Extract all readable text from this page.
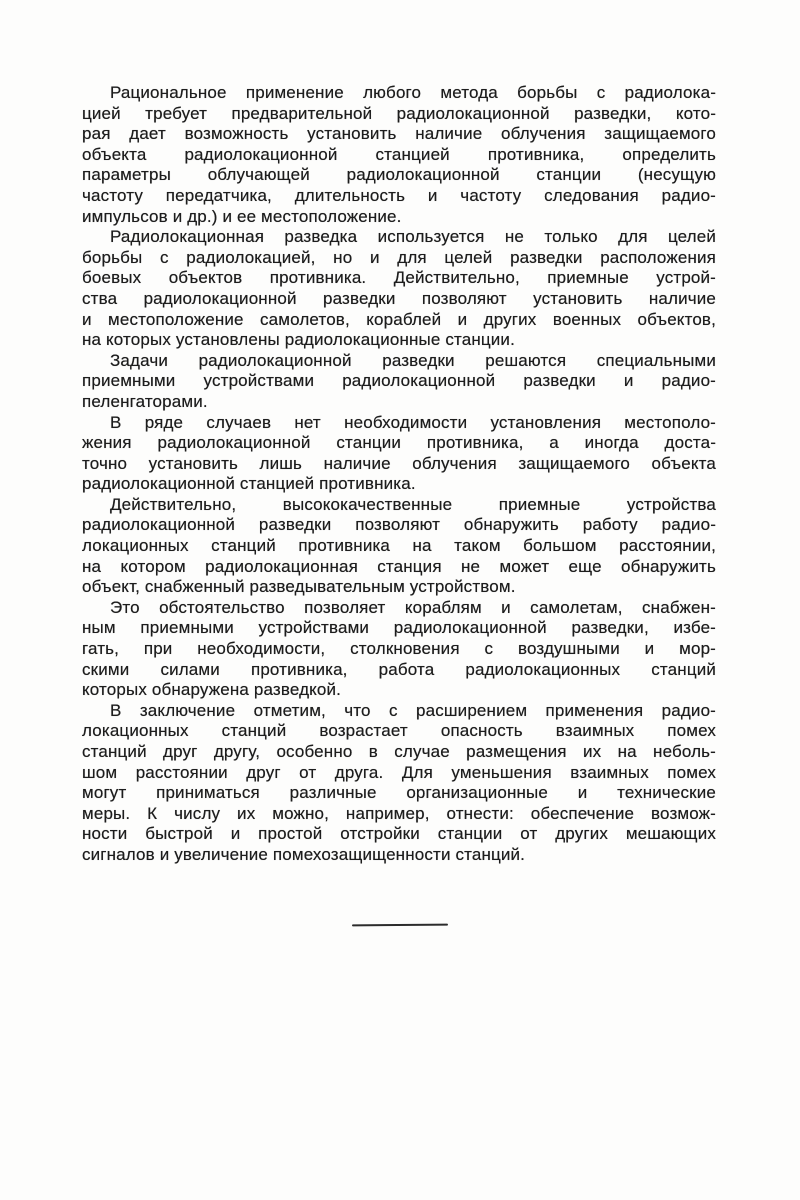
Рациональное применение любого метода борьбы с радиолока-
цией требует предварительной радиолокационной разведки, кото-
рая дает возможность установить наличие облучения защищаемого
объекта радиолокационной станцией противника, определить
параметры облучающей радиолокационной станции (несущую
частоту передатчика, длительность и частоту следования радио-
импульсов и др.) и ее местоположение.
Радиолокационная разведка используется не только для целей
борьбы с радиолокацией, но и для целей разведки расположения
боевых объектов противника. Действительно, приемные устрой-
ства радиолокационной разведки позволяют установить наличие
и местоположение самолетов, кораблей и других военных объектов,
на которых установлены радиолокационные станции.
Задачи радиолокационной разведки решаются специальными
приемными устройствами радиолокационной разведки и радио-
пеленгаторами.
В ряде случаев нет необходимости установления местополо-
жения радиолокационной станции противника, а иногда доста-
точно установить лишь наличие облучения защищаемого объекта
радиолокационной станцией противника.
Действительно, высококачественные приемные устройства
радиолокационной разведки позволяют обнаружить работу радио-
локационных станций противника на таком большом расстоянии,
на котором радиолокационная станция не может еще обнаружить
объект, снабженный разведывательным устройством.
Это обстоятельство позволяет кораблям и самолетам, снабжен-
ным приемными устройствами радиолокационной разведки, избе-
гать, при необходимости, столкновения с воздушными и мор-
скими силами противника, работа радиолокационных станций
которых обнаружена разведкой.
В заключение отметим, что с расширением применения радио-
локационных станций возрастает опасность взаимных помех
станций друг другу, особенно в случае размещения их на неболь-
шом расстоянии друг от друга. Для уменьшения взаимных помех
могут приниматься различные организационные и технические
меры. К числу их можно, например, отнести: обеспечение возмож-
ности быстрой и простой отстройки станции от других мешающих
сигналов и увеличение помехозащищенности станций.
